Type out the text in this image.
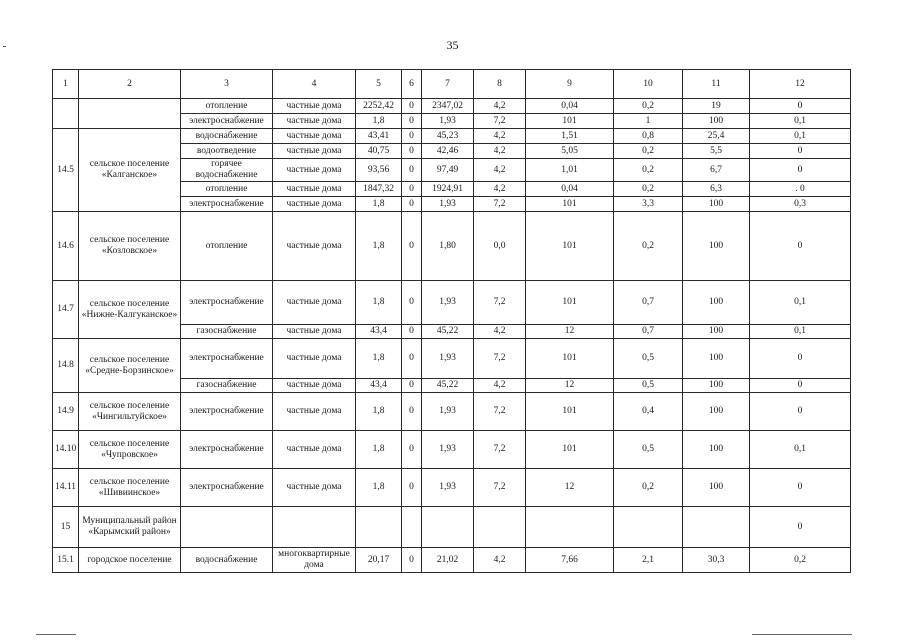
35
1	2	3	4	5	6	7	8	9	10	11	12
		отопление	частные дома	2252,42	0	2347,02	4,2	0,04	0,2	19	0
		электроснабжение	частные дома	1,8	0	1,93	7,2	101	1	100	0,1
14.5	сельское поселение «Калганское»	водоснабжение	частные дома	43,41	0	45,23	4,2	1,51	0,8	25,4	0,1
		водоотведение	частные дома	40,75	0	42,46	4,2	5,05	0,2	5,5	0
		горячее водоснабжение	частные дома	93,56	0	97,49	4,2	1,01	0,2	6,7	0
		отопление	частные дома	1847,32	0	1924,91	4,2	0,04	0,2	6,3	. 0
		электроснабжение	частные дома	1,8	0	1,93	7,2	101	3,3	100	0,3
14.6	сельское поселение «Козловское»	отопление	частные дома	1,8	0	1,80	0,0	101	0,2	100	0
14.7	сельское поселение «Нижне-Калгуканское»	электроснабжение	частные дома	1,8	0	1,93	7,2	101	0,7	100	0,1
		газоснабжение	частные дома	43,4	0	45,22	4,2	12	0,7	100	0,1
14.8	сельское поселение «Средне-Борзинское»	электроснабжение	частные дома	1,8	0	1,93	7,2	101	0,5	100	0
		газоснабжение	частные дома	43,4	0	45,22	4,2	12	0,5	100	0
14.9	сельское поселение «Чингильтуйское»	электроснабжение	частные дома	1,8	0	1,93	7,2	101	0,4	100	0
14.10	сельское поселение «Чупровское»	электроснабжение	частные дома	1,8	0	1,93	7,2	101	0,5	100	0,1
14.11	сельское поселение «Шивиинское»	электроснабжение	частные дома	1,8	0	1,93	7,2	12	0,2	100	0
15	Муниципальный район «Карымский район»										0
15.1	городское поселение	водоснабжение	многоквартирные дома	20,17	0	21,02	4,2	7,66	2,1	30,3	0,2
